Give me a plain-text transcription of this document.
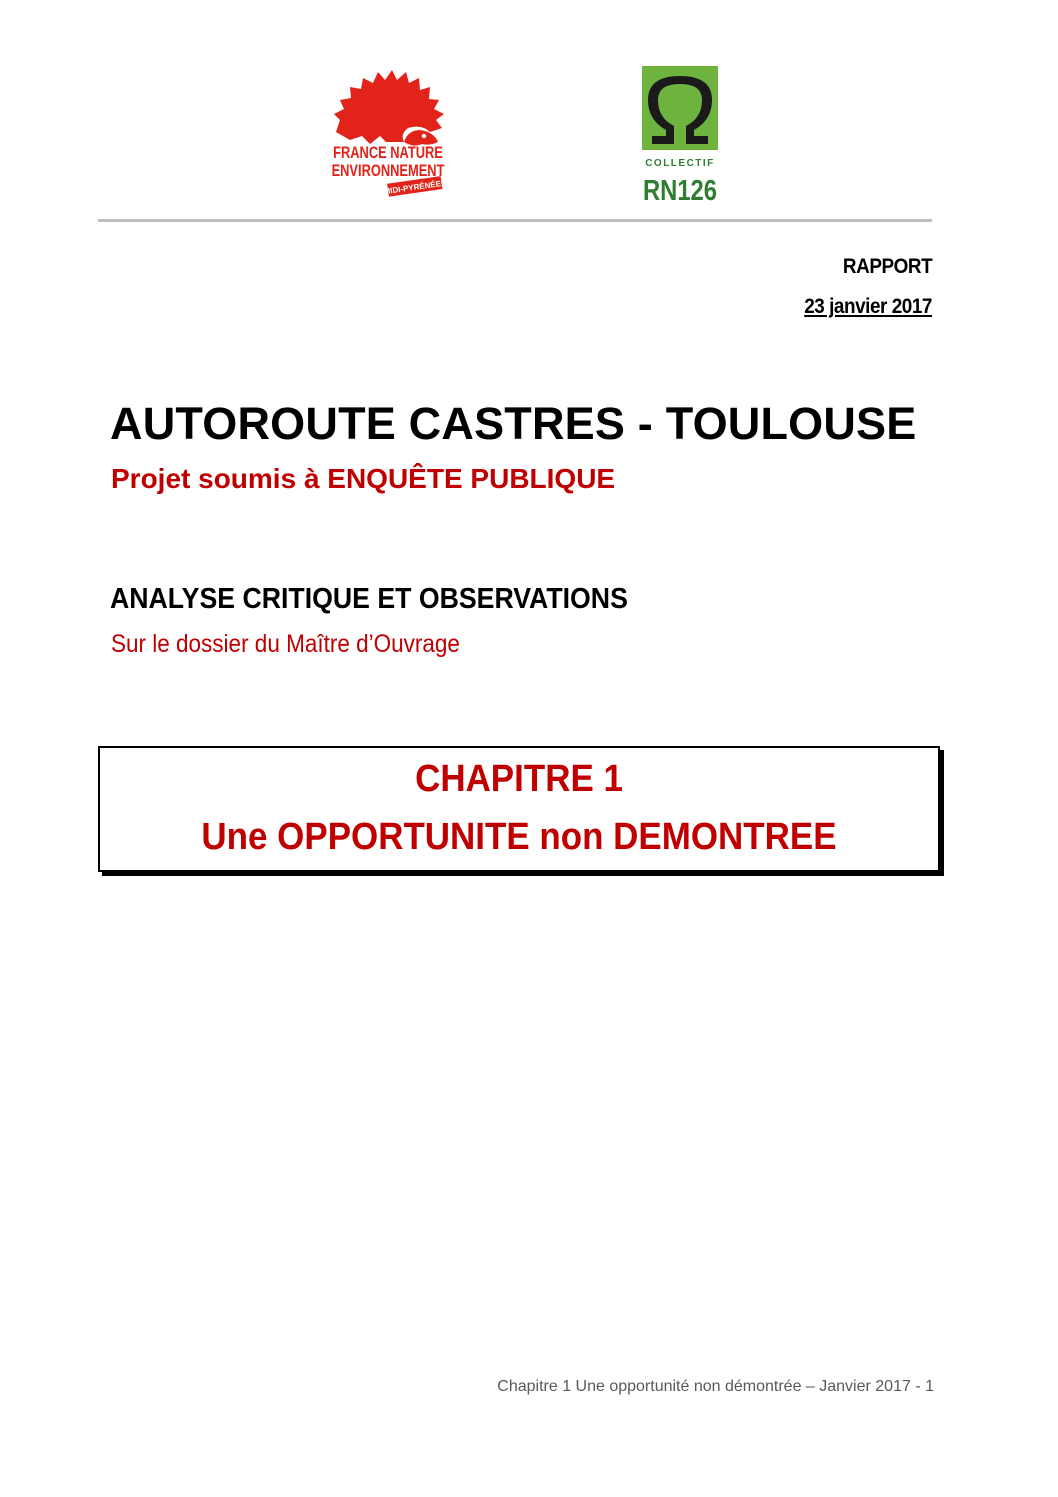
FRANCE NATURE
ENVIRONNEMENT
MIDI-PYRÉNÉES
COLLECTIF
RN126
RAPPORT
23 janvier 2017
AUTOROUTE CASTRES - TOULOUSE
Projet soumis à ENQUÊTE PUBLIQUE
ANALYSE CRITIQUE ET OBSERVATIONS
Sur le dossier du Maître d’Ouvrage
CHAPITRE 1
Une OPPORTUNITE non DEMONTREE
Chapitre 1 Une opportunité non démontrée – Janvier 2017 - 1
